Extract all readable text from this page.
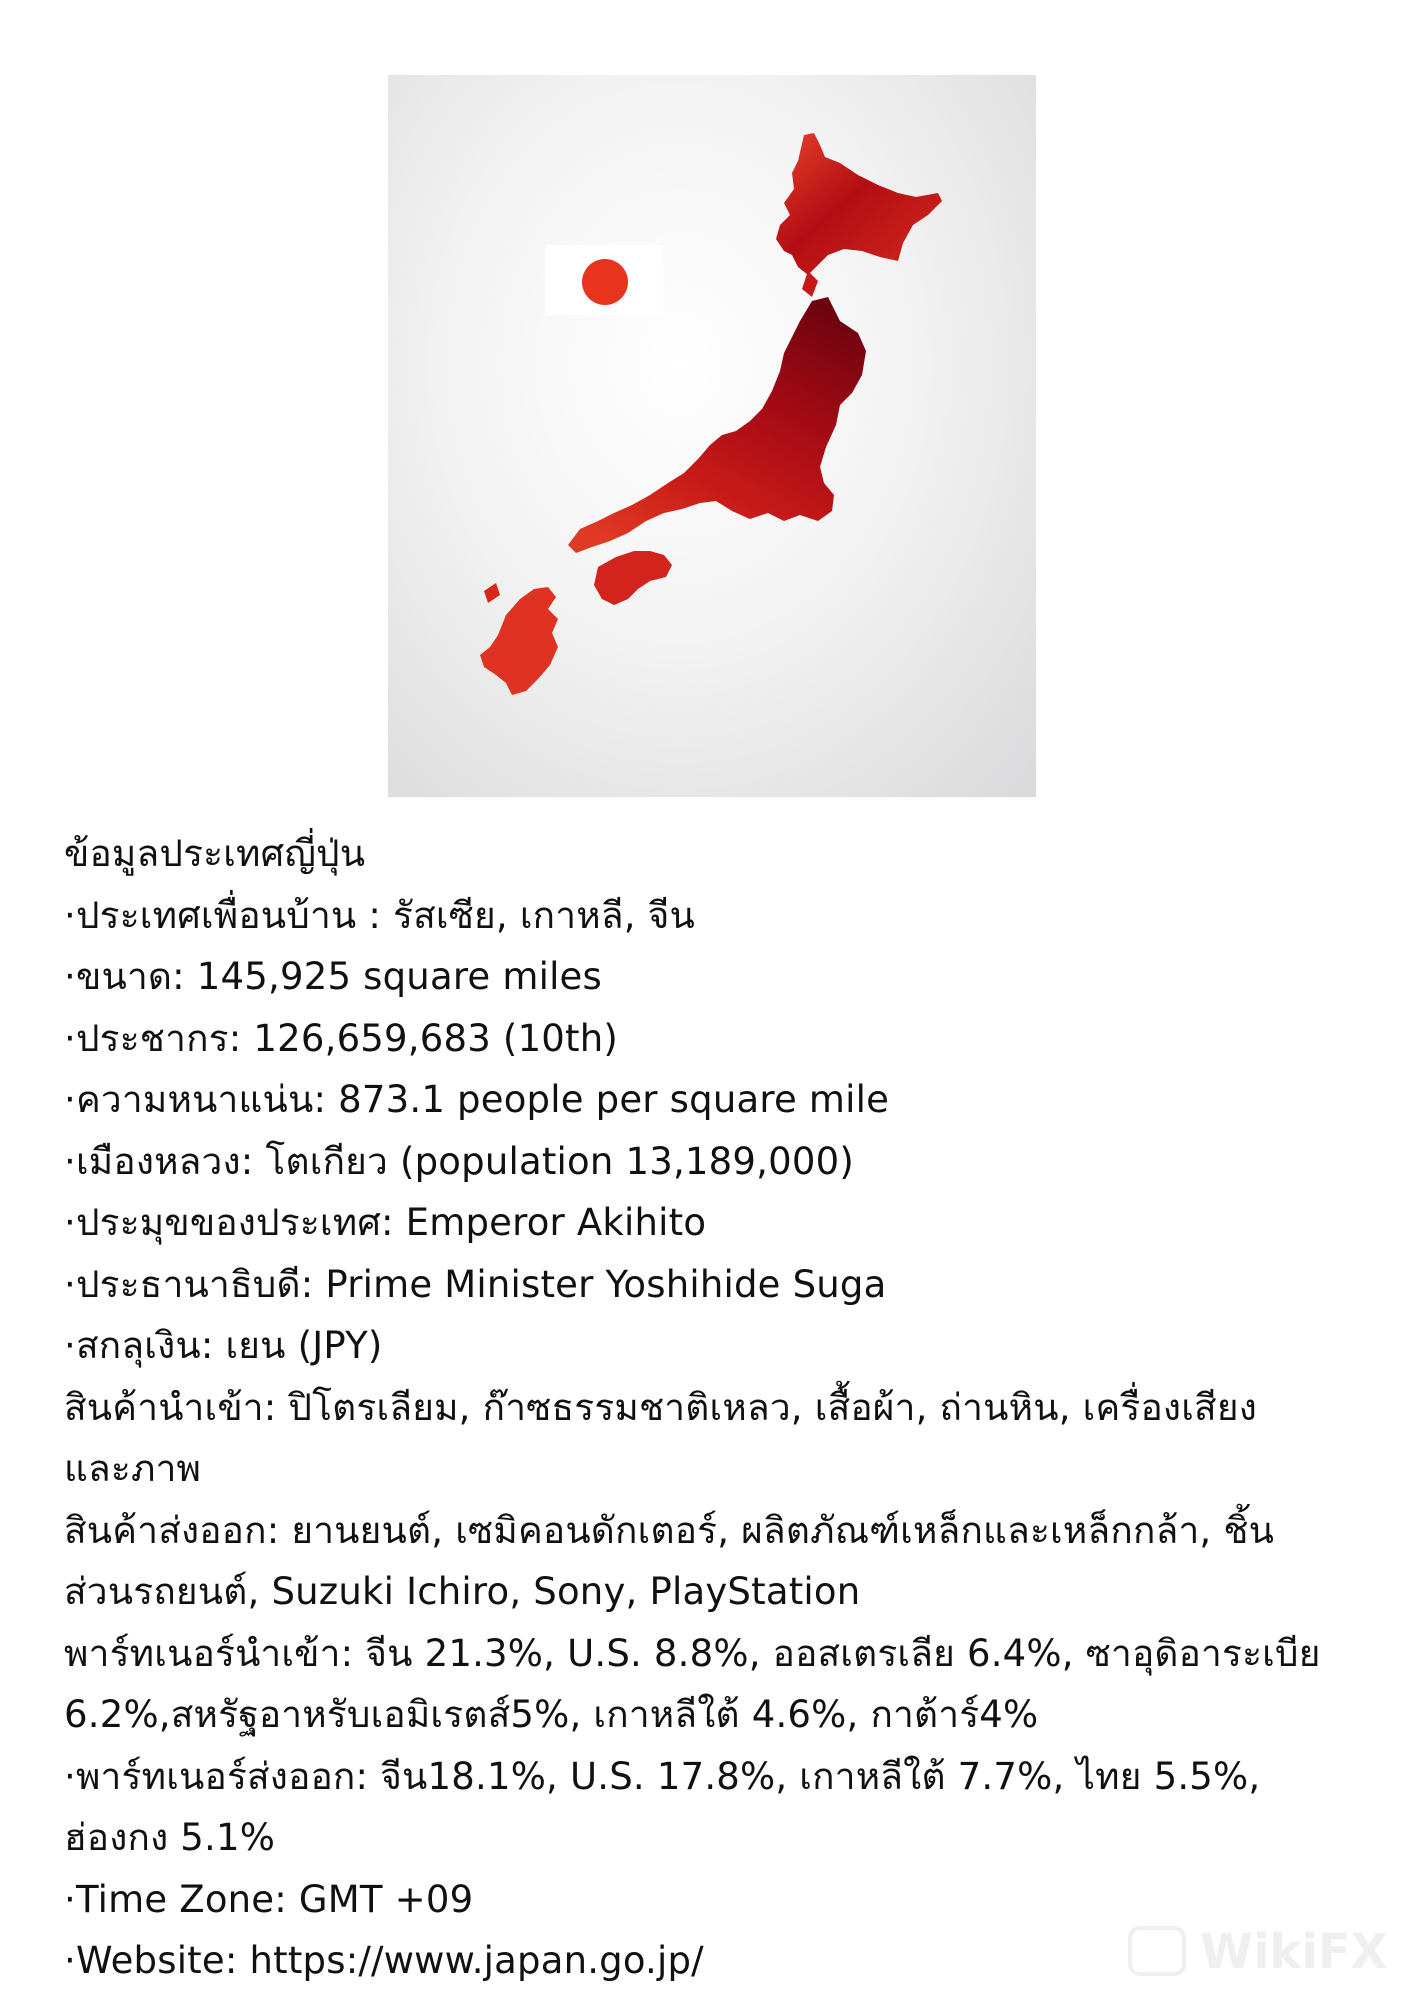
ข้อมูลประเทศญี่ปุ่น
·ประเทศเพื่อนบ้าน : รัสเซีย, เกาหลี, จีน
·ขนาด: 145,925 square miles
·ประชากร: 126,659,683 (10th)
·ความหนาแน่น: 873.1 people per square mile
·เมืองหลวง: โตเกียว (population 13,189,000)
·ประมุขของประเทศ: Emperor Akihito
·ประธานาธิบดี: Prime Minister Yoshihide Suga
·สกลุเงิน: เยน (JPY)
สินค้านำเข้า: ปิโตรเลียม, ก๊าซธรรมชาติเหลว, เสื้อผ้า, ถ่านหิน, เครื่องเสียง
และภาพ
สินค้าส่งออก: ยานยนต์, เซมิคอนดักเตอร์, ผลิตภัณฑ์เหล็กและเหล็กกล้า, ชิ้น
ส่วนรถยนต์, Suzuki Ichiro, Sony, PlayStation
พาร์ทเนอร์นำเข้า: จีน 21.3%, U.S. 8.8%, ออสเตรเลีย 6.4%, ซาอุดิอาระเบีย
6.2%,สหรัฐอาหรับเอมิเรตส์5%, เกาหลีใต้ 4.6%, กาต้าร์4%
·พาร์ทเนอร์ส่งออก: จีน18.1%, U.S. 17.8%, เกาหลีใต้ 7.7%, ไทย 5.5%,
ฮ่องกง 5.1%
·Time Zone: GMT +09
·Website: https://www.japan.go.jp/	WikiFX
